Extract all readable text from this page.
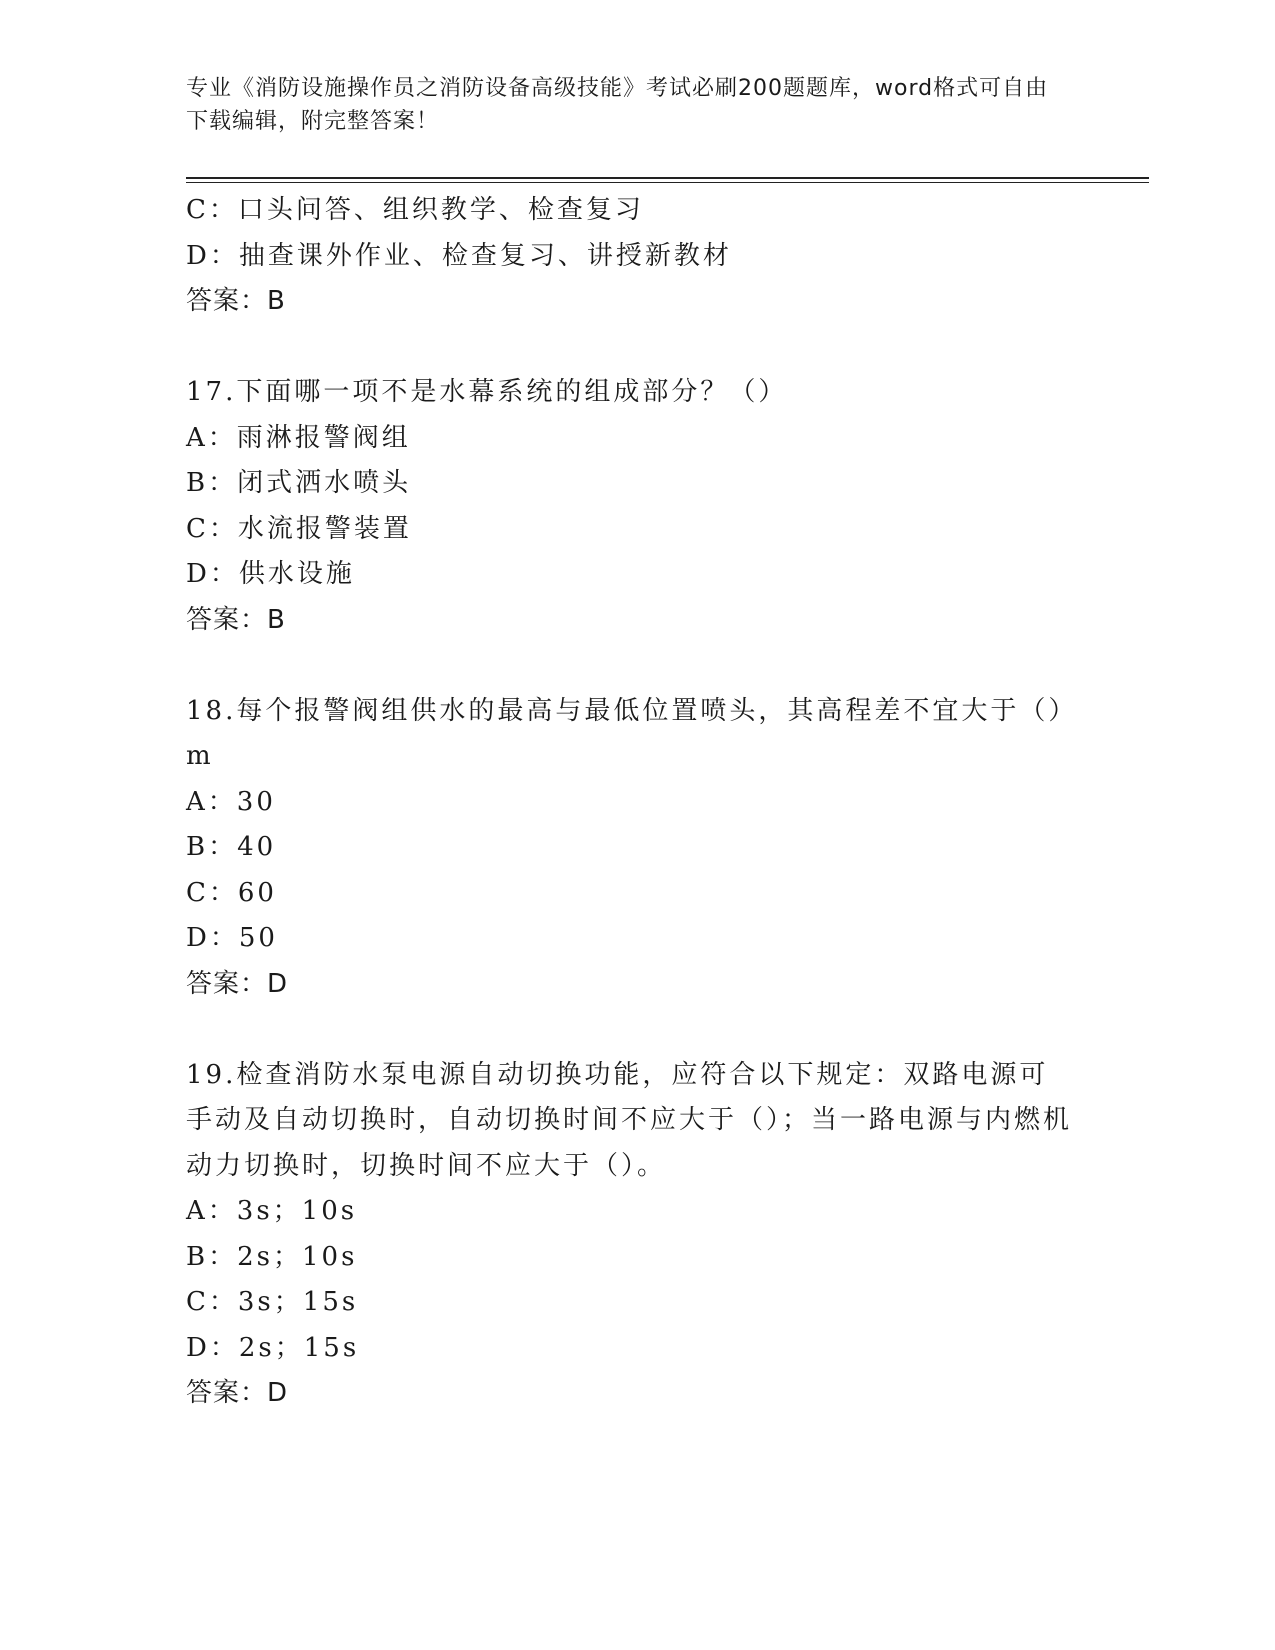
专业《消防设施操作员之消防设备高级技能》考试必刷200题题库，word格式可自由下载编辑，附完整答案！
C：口头问答、组织教学、检查复习
D：抽查课外作业、检查复习、讲授新教材
答案：B
17.下面哪一项不是水幕系统的组成部分？（）
A：雨淋报警阀组
B：闭式洒水喷头
C：水流报警装置
D：供水设施
答案：B
18.每个报警阀组供水的最高与最低位置喷头，其高程差不宜大于（）m
A：30
B：40
C：60
D：50
答案：D
19.检查消防水泵电源自动切换功能，应符合以下规定：双路电源可手动及自动切换时，自动切换时间不应大于（）；当一路电源与内燃机动力切换时，切换时间不应大于（）。
A：3s；10s
B：2s；10s
C：3s；15s
D：2s；15s
答案：D
